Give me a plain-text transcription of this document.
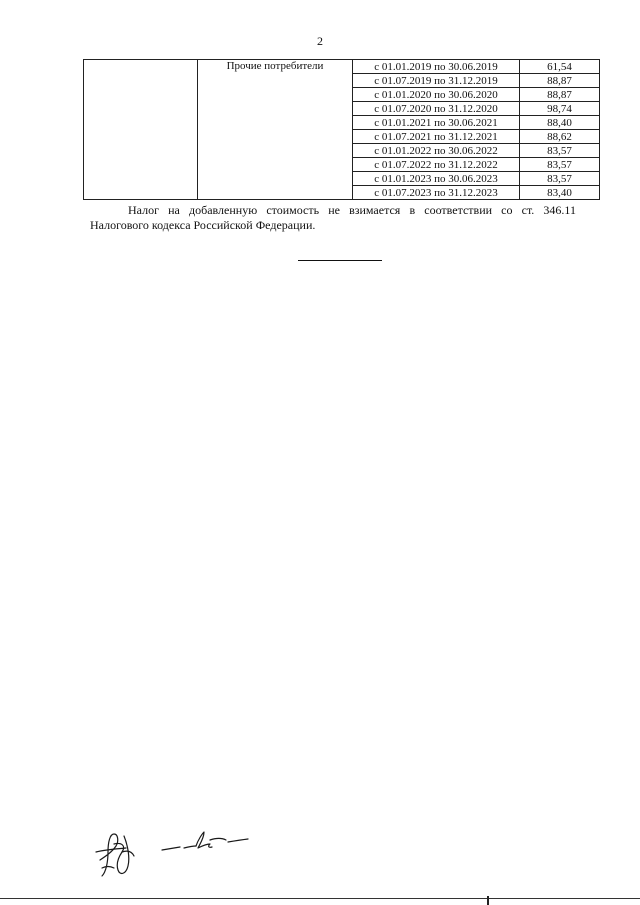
2
	Прочие потребители	с 01.01.2019 по 30.06.2019	61,54
		с 01.07.2019 по 31.12.2019	88,87
		с 01.01.2020 по 30.06.2020	88,87
		с 01.07.2020 по 31.12.2020	98,74
		с 01.01.2021 по 30.06.2021	88,40
		с 01.07.2021 по 31.12.2021	88,62
		с 01.01.2022 по 30.06.2022	83,57
		с 01.07.2022 по 31.12.2022	83,57
		с 01.01.2023 по 30.06.2023	83,57
		с 01.07.2023 по 31.12.2023	83,40

Налог на добавленную стоимость не взимается в соответствии со ст. 346.11 Налогового кодекса Российской Федерации.
